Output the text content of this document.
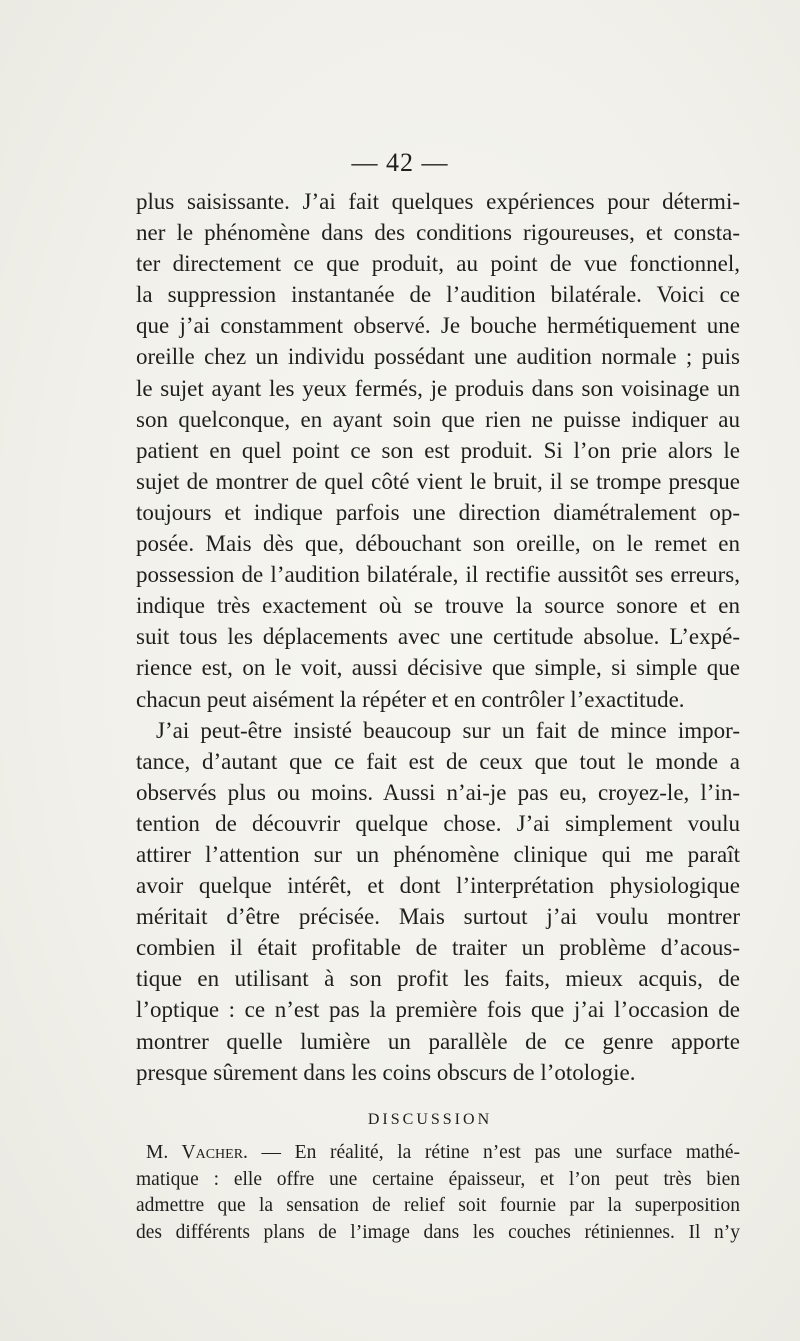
— 42 —
plus saisissante. J’ai fait quelques expériences pour détermi-
ner le phénomène dans des conditions rigoureuses, et consta-
ter directement ce que produit, au point de vue fonctionnel,
la suppression instantanée de l’audition bilatérale. Voici ce
que j’ai constamment observé. Je bouche hermétiquement une
oreille chez un individu possédant une audition normale ; puis
le sujet ayant les yeux fermés, je produis dans son voisinage un
son quelconque, en ayant soin que rien ne puisse indiquer au
patient en quel point ce son est produit. Si l’on prie alors le
sujet de montrer de quel côté vient le bruit, il se trompe presque
toujours et indique parfois une direction diamétralement op-
posée. Mais dès que, débouchant son oreille, on le remet en
possession de l’audition bilatérale, il rectifie aussitôt ses erreurs,
indique très exactement où se trouve la source sonore et en
suit tous les déplacements avec une certitude absolue. L’expé-
rience est, on le voit, aussi décisive que simple, si simple que
chacun peut aisément la répéter et en contrôler l’exactitude.
J’ai peut-être insisté beaucoup sur un fait de mince impor-
tance, d’autant que ce fait est de ceux que tout le monde a
observés plus ou moins. Aussi n’ai-je pas eu, croyez-le, l’in-
tention de découvrir quelque chose. J’ai simplement voulu
attirer l’attention sur un phénomène clinique qui me paraît
avoir quelque intérêt, et dont l’interprétation physiologique
méritait d’être précisée. Mais surtout j’ai voulu montrer
combien il était profitable de traiter un problème d’acous-
tique en utilisant à son profit les faits, mieux acquis, de
l’optique : ce n’est pas la première fois que j’ai l’occasion de
montrer quelle lumière un parallèle de ce genre apporte
presque sûrement dans les coins obscurs de l’otologie.
DISCUSSION
M. Vacher. — En réalité, la rétine n’est pas une surface mathé-
matique : elle offre une certaine épaisseur, et l’on peut très bien
admettre que la sensation de relief soit fournie par la superposition
des différents plans de l’image dans les couches rétiniennes. Il n’y
